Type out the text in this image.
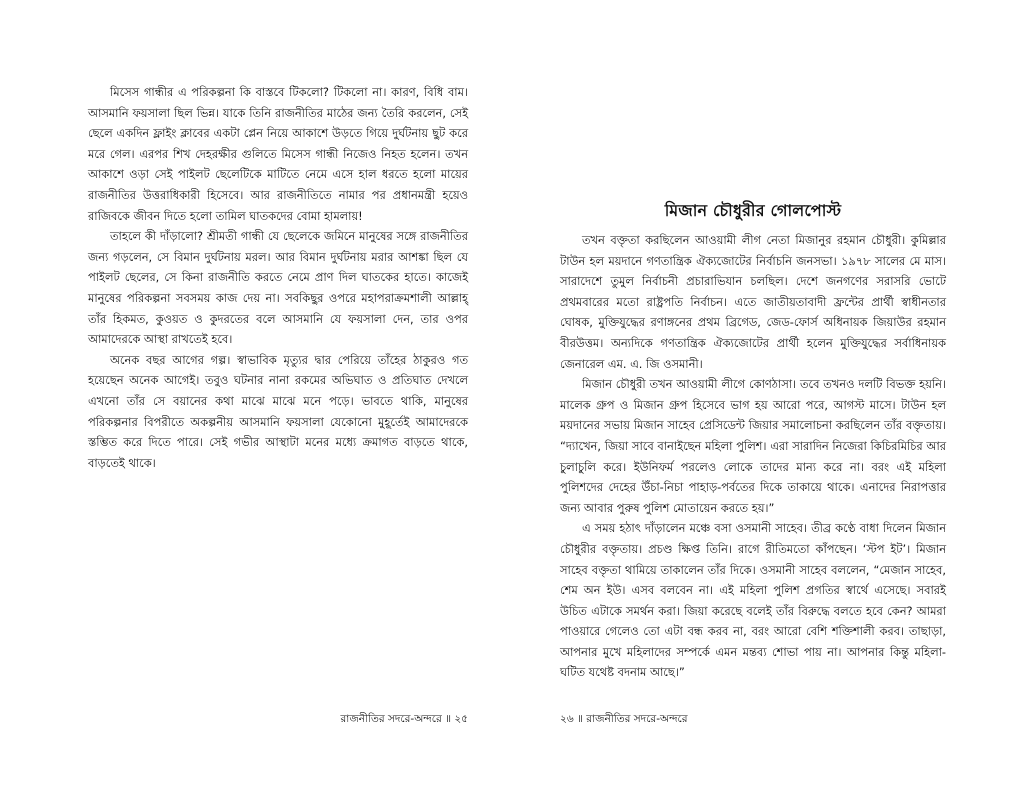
মিসেস গান্ধীর এ পরিকল্পনা কি বাস্তবে টিকলো? টিকলো না। কারণ, বিধি বাম। আসমানি ফয়সালা ছিল ভিন্ন। যাকে তিনি রাজনীতির মাঠের জন্য তৈরি করলেন, সেই ছেলে একদিন ফ্লাইং ক্লাবের একটা প্লেন নিয়ে আকাশে উড়তে গিয়ে দুর্ঘটনায় ছুট করে মরে গেল। এরপর শিখ দেহরক্ষীর গুলিতে মিসেস গান্ধী নিজেও নিহত হলেন। তখন আকাশে ওড়া সেই পাইলট ছেলেটিকে মাটিতে নেমে এসে হাল ধরতে হলো মায়ের রাজনীতির উত্তরাধিকারী হিসেবে। আর রাজনীতিতে নামার পর প্রধানমন্ত্রী হয়েও রাজিবকে জীবন দিতে হলো তামিল ঘাতকদের বোমা হামলায়!

তাহলে কী দাঁড়ালো? শ্রীমতী গান্ধী যে ছেলেকে জমিনে মানুষের সঙ্গে রাজনীতির জন্য গড়লেন, সে বিমান দুর্ঘটনায় মরল। আর বিমান দুর্ঘটনায় মরার আশঙ্কা ছিল যে পাইলট ছেলের, সে কিনা রাজনীতি করতে নেমে প্রাণ দিল ঘাতকের হাতে। কাজেই মানুষের পরিকল্পনা সবসময় কাজ দেয় না। সবকিছুর ওপরে মহাপরাক্রমশালী আল্লাহ্ তাঁর হিকমত, কুওয়ত ও কুদরতের বলে আসমানি যে ফয়সালা দেন, তার ওপর আমাদেরকে আস্থা রাখতেই হবে।

অনেক বছর আগের গল্প। স্বাভাবিক মৃত্যুর দ্বার পেরিয়ে তাঁহের ঠাকুরও গত হয়েছেন অনেক আগেই। তবুও ঘটনার নানা রকমের অভিঘাত ও প্রতিঘাত দেখলে এখনো তাঁর সে বয়ানের কথা মাঝে মাঝে মনে পড়ে। ভাবতে থাকি, মানুষের পরিকল্পনার বিপরীতে অকল্পনীয় আসমানি ফয়সালা যেকোনো মুহূর্তেই আমাদেরকে স্তম্ভিত করে দিতে পারে। সেই গভীর আস্থাটা মনের মধ্যে ক্রমাগত বাড়তে থাকে, বাড়তেই থাকে।

রাজনীতির সদরে-অন্দরে ॥ ২৫
মিজান চৌধুরীর গোলপোস্ট

তখন বক্তৃতা করছিলেন আওয়ামী লীগ নেতা মিজানুর রহমান চৌধুরী। কুমিল্লার টাউন হল ময়দানে গণতান্ত্রিক ঐক্যজোটের নির্বাচনি জনসভা। ১৯৭৮ সালের মে মাস। সারাদেশে তুমুল নির্বাচনী প্রচারাভিযান চলছিল। দেশে জনগণের সরাসরি ভোটে প্রথমবারের মতো রাষ্ট্রপতি নির্বাচন। এতে জাতীয়তাবাদী ফ্রন্টের প্রার্থী স্বাধীনতার ঘোষক, মুক্তিযুদ্ধের রণাঙ্গনের প্রথম ব্রিগেড, জেড-ফোর্স অধিনায়ক জিয়াউর রহমান বীরউত্তম। অন্যদিকে গণতান্ত্রিক ঐক্যজোটের প্রার্থী হলেন মুক্তিযুদ্ধের সর্বাধিনায়ক জেনারেল এম. এ. জি ওসমানী।

মিজান চৌধুরী তখন আওয়ামী লীগে কোণঠাসা। তবে তখনও দলটি বিভক্ত হয়নি। মালেক গ্রুপ ও মিজান গ্রুপ হিসেবে ভাগ হয় আরো পরে, আগস্ট মাসে। টাউন হল ময়দানের সভায় মিজান সাহেব প্রেসিডেন্ট জিয়ার সমালোচনা করছিলেন তাঁর বক্তৃতায়। “দ্যাখেন, জিয়া সাবে বানাইছেন মহিলা পুলিশ। এরা সারাদিন নিজেরা কিচিরমিচির আর চুলাচুলি করে। ইউনিফর্ম পরলেও লোকে তাদের মান্য করে না। বরং এই মহিলা পুলিশদের দেহের উঁচা-নিচা পাহাড়-পর্বতের দিকে তাকায়ে থাকে। এনাদের নিরাপত্তার জন্য আবার পুরুষ পুলিশ মোতায়েন করতে হয়।”

এ সময় হঠাৎ দাঁড়ালেন মঞ্চে বসা ওসমানী সাহেব। তীব্র কণ্ঠে বাধা দিলেন মিজান চৌধুরীর বক্তৃতায়। প্রচণ্ড ক্ষিপ্ত তিনি। রাগে রীতিমতো কাঁপছেন। ‘স্টপ ইট’। মিজান সাহেব বক্তৃতা থামিয়ে তাকালেন তাঁর দিকে। ওসমানী সাহেব বললেন, “মেজান সাহেব, শেম অন ইউ। এসব বলবেন না। এই মহিলা পুলিশ প্রগতির স্বার্থে এসেছে। সবারই উচিত এটাকে সমর্থন করা। জিয়া করেছে বলেই তাঁর বিরুদ্ধে বলতে হবে কেন? আমরা পাওয়ারে গেলেও তো এটা বন্ধ করব না, বরং আরো বেশি শক্তিশালী করব। তাছাড়া, আপনার মুখে মহিলাদের সম্পর্কে এমন মন্তব্য শোভা পায় না। আপনার কিন্তু মহিলা-ঘটিত যথেষ্ট বদনাম আছে।”

২৬ ॥ রাজনীতির সদরে-অন্দরে
